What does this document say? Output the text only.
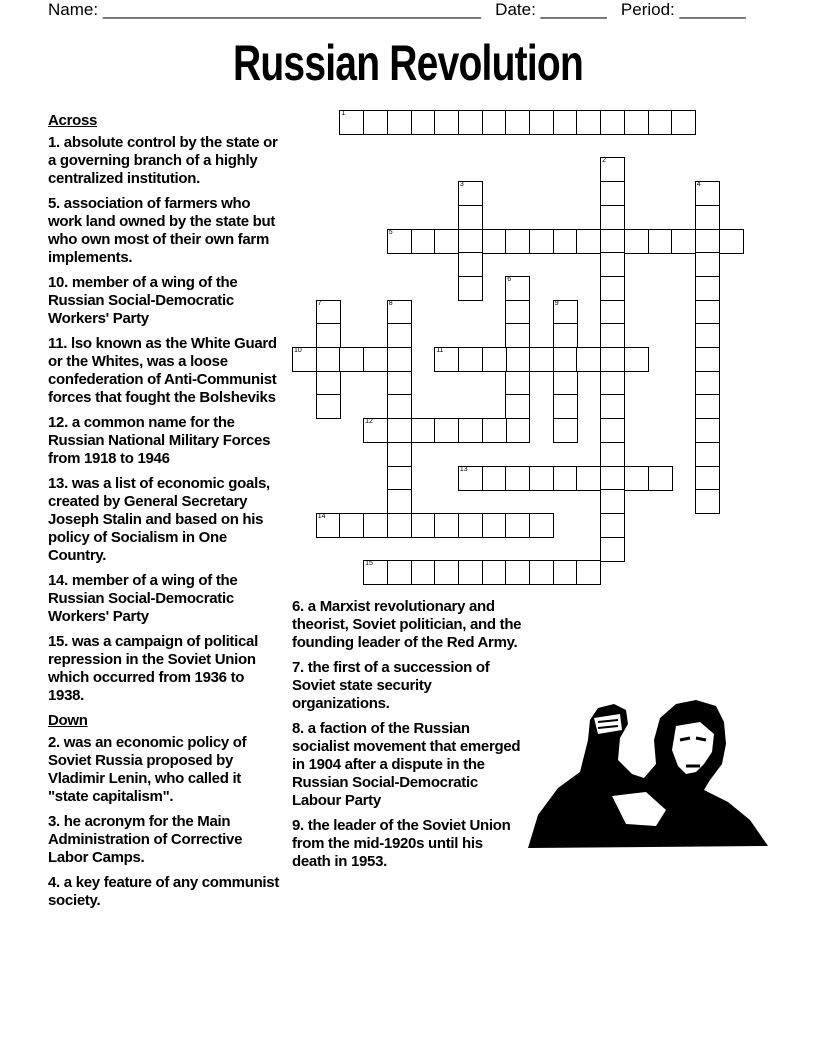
Name: ________________________________________ Date: _______ Period: _______
Russian Revolution
Across
1. absolute control by the state or a governing branch of a highly centralized institution.
5. association of farmers who work land owned by the state but who own most of their own farm implements.
10. member of a wing of the Russian Social-Democratic Workers' Party
11. lso known as the White Guard or the Whites, was a loose confederation of Anti-Communist forces that fought the Bolsheviks
12. a common name for the Russian National Military Forces from 1918 to 1946
13. was a list of economic goals, created by General Secretary Joseph Stalin and based on his policy of Socialism in One Country.
14. member of a wing of the Russian Social-Democratic Workers' Party
15. was a campaign of political repression in the Soviet Union which occurred from 1936 to 1938.
Down
2. was an economic policy of Soviet Russia proposed by Vladimir Lenin, who called it "state capitalism".
3. he acronym for the Main Administration of Corrective Labor Camps.
4. a key feature of any communist society.
6. a Marxist revolutionary and theorist, Soviet politician, and the founding leader of the Red Army.
7. the first of a succession of Soviet state security organizations.
8. a faction of the Russian socialist movement that emerged in 1904 after a dispute in the Russian Social-Democratic Labour Party
9. the leader of the Soviet Union from the mid-1920s until his death in 1953.
1
2
3	4
5
6
7	8	9
10	11
12
13
14
15
